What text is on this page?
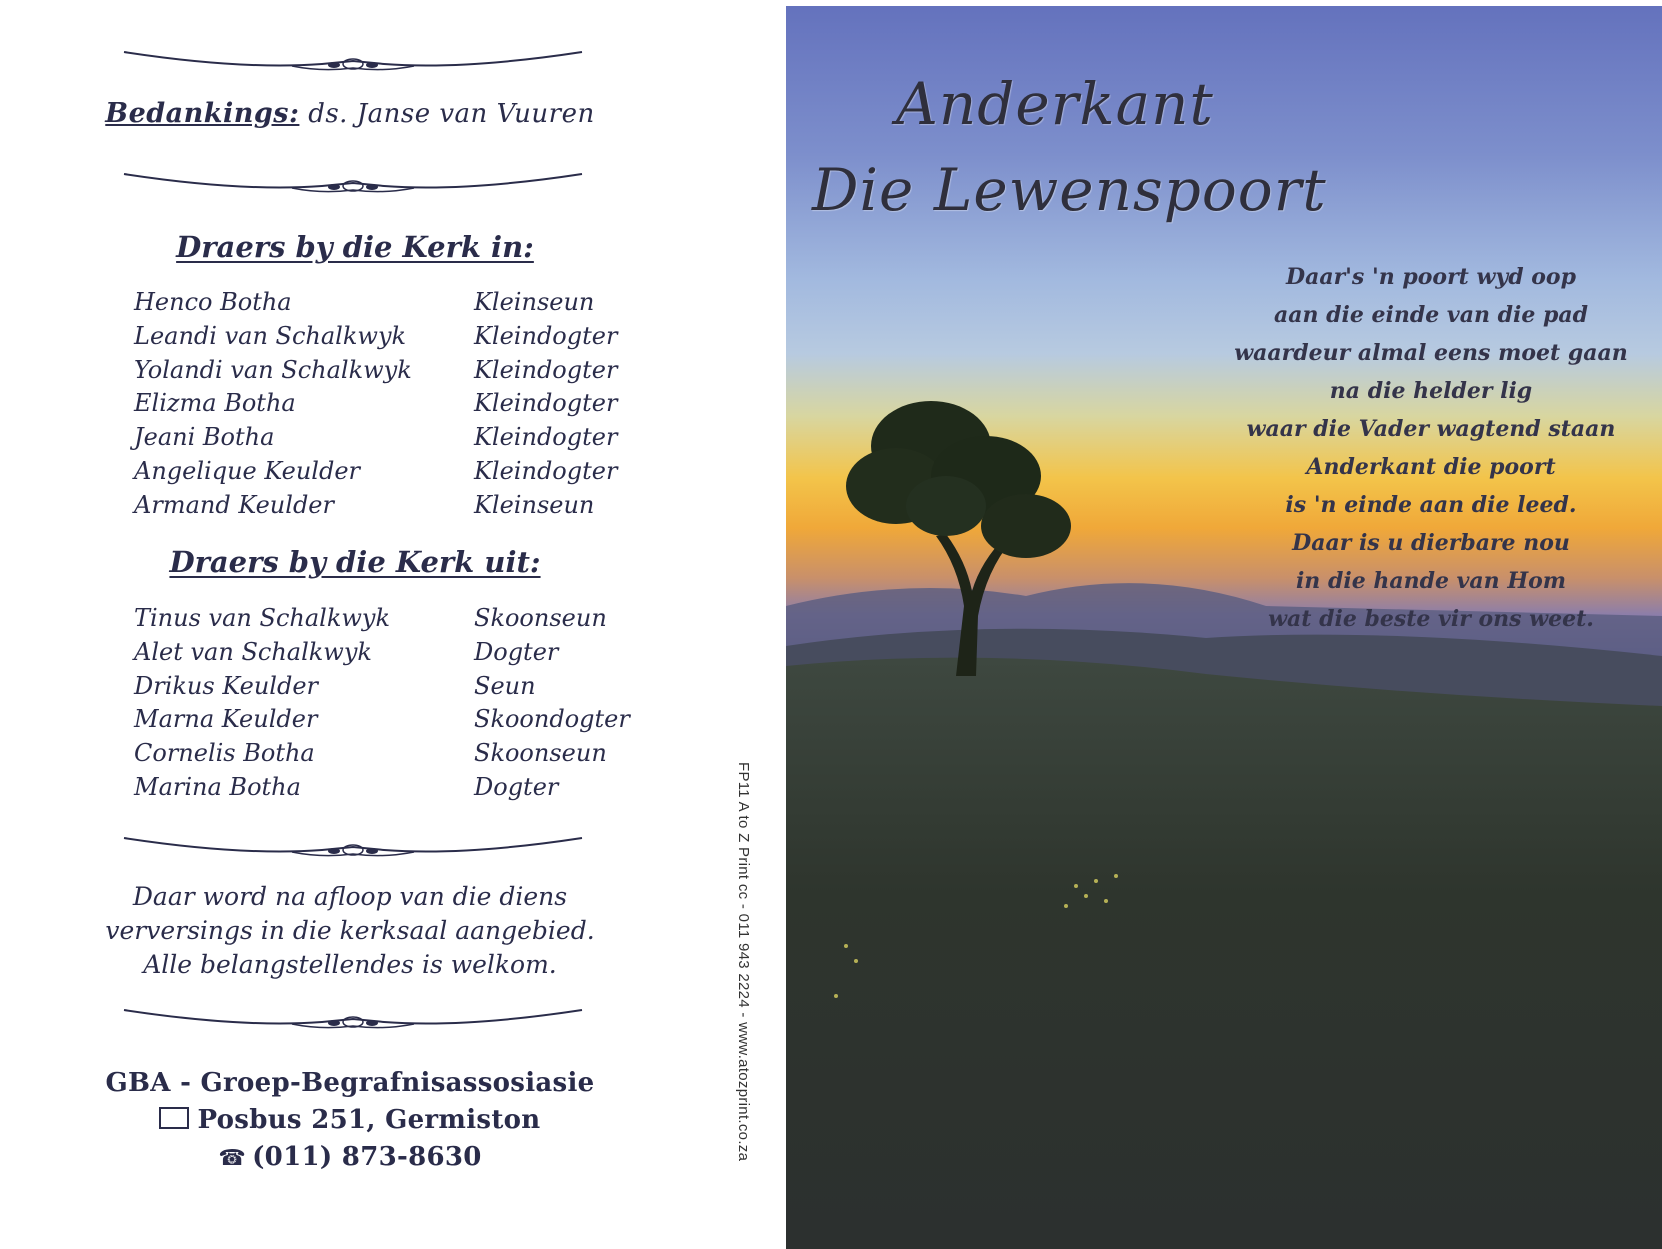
Bedankings: ds. Janse van Vuuren
Draers by die Kerk in:
Henco Botha	Kleinseun
Leandi van Schalkwyk	Kleindogter
Yolandi van Schalkwyk	Kleindogter
Elizma Botha	Kleindogter
Jeani Botha	Kleindogter
Angelique Keulder	Kleindogter
Armand Keulder	Kleinseun
Draers by die Kerk uit:
Tinus van Schalkwyk	Skoonseun
Alet van Schalkwyk	Dogter
Drikus Keulder	Seun
Marna Keulder	Skoondogter
Cornelis Botha	Skoonseun
Marina Botha	Dogter
Daar word na afloop van die diens
verversings in die kerksaal aangebied.
Alle belangstellendes is welkom.
GBA - Groep-Begrafnisassosiasie
Posbus 251, Germiston
☎ (011) 873-8630	FP11 A to Z Print cc - 011 943 2224 - www.atozprint.co.za
Anderkant
Die Lewenspoort
Daar's 'n poort wyd oop
aan die einde van die pad
waardeur almal eens moet gaan
na die helder lig
waar die Vader wagtend staan
Anderkant die poort
is 'n einde aan die leed.
Daar is u dierbare nou
in die hande van Hom
wat die beste vir ons weet.
